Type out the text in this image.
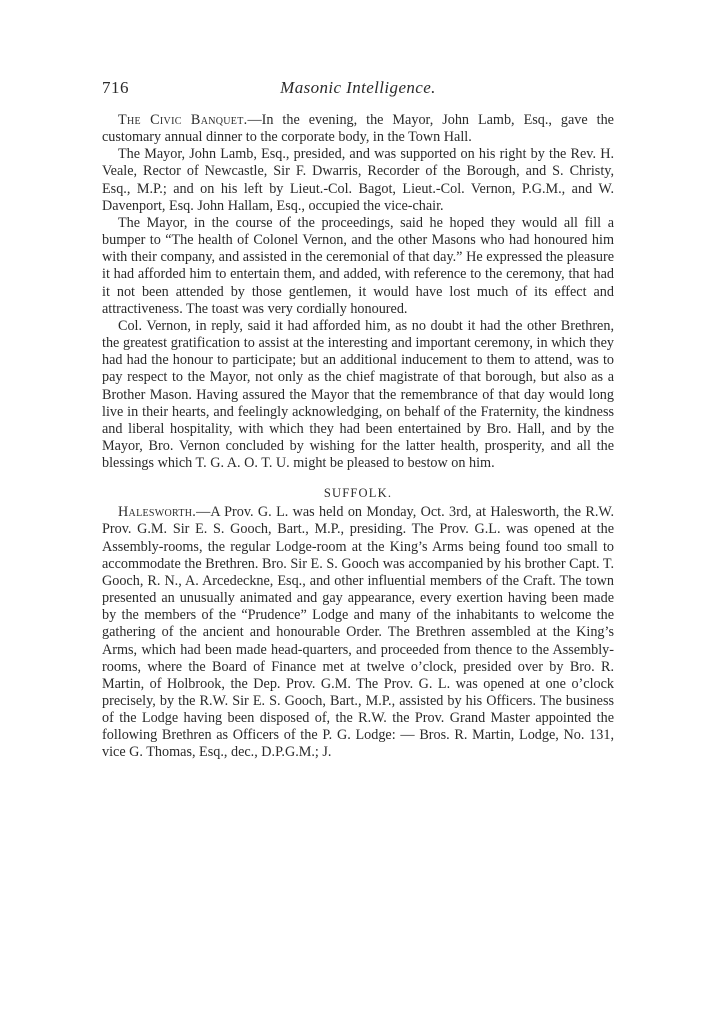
716	Masonic Intelligence.

The Civic Banquet.—In the evening, the Mayor, John Lamb, Esq., gave the customary annual dinner to the corporate body, in the Town Hall.

The Mayor, John Lamb, Esq., presided, and was supported on his right by the Rev. H. Veale, Rector of Newcastle, Sir F. Dwarris, Recorder of the Borough, and S. Christy, Esq., M.P.; and on his left by Lieut.-Col. Bagot, Lieut.-Col. Vernon, P.G.M., and W. Davenport, Esq. John Hallam, Esq., occupied the vice-chair.

The Mayor, in the course of the proceedings, said he hoped they would all fill a bumper to “The health of Colonel Vernon, and the other Masons who had honoured him with their company, and assisted in the ceremonial of that day.” He expressed the pleasure it had afforded him to entertain them, and added, with reference to the ceremony, that had it not been attended by those gentlemen, it would have lost much of its effect and attractiveness. The toast was very cordially honoured.

Col. Vernon, in reply, said it had afforded him, as no doubt it had the other Brethren, the greatest gratification to assist at the interesting and important ceremony, in which they had had the honour to participate; but an additional inducement to them to attend, was to pay respect to the Mayor, not only as the chief magistrate of that borough, but also as a Brother Mason. Having assured the Mayor that the remembrance of that day would long live in their hearts, and feelingly acknowledging, on behalf of the Fraternity, the kindness and liberal hospitality, with which they had been entertained by Bro. Hall, and by the Mayor, Bro. Vernon concluded by wishing for the latter health, prosperity, and all the blessings which T. G. A. O. T. U. might be pleased to bestow on him.

SUFFOLK.

Halesworth.—A Prov. G. L. was held on Monday, Oct. 3rd, at Halesworth, the R.W. Prov. G.M. Sir E. S. Gooch, Bart., M.P., presiding. The Prov. G.L. was opened at the Assembly-rooms, the regular Lodge-room at the King’s Arms being found too small to accommodate the Brethren. Bro. Sir E. S. Gooch was accompanied by his brother Capt. T. Gooch, R. N., A. Arcedeckne, Esq., and other influential members of the Craft. The town presented an unusually animated and gay appearance, every exertion having been made by the members of the “Prudence” Lodge and many of the inhabitants to welcome the gathering of the ancient and honourable Order. The Brethren assembled at the King’s Arms, which had been made head-quarters, and proceeded from thence to the Assembly-rooms, where the Board of Finance met at twelve o’clock, presided over by Bro. R. Martin, of Holbrook, the Dep. Prov. G.M. The Prov. G. L. was opened at one o’clock precisely, by the R.W. Sir E. S. Gooch, Bart., M.P., assisted by his Officers. The business of the Lodge having been disposed of, the R.W. the Prov. Grand Master appointed the following Brethren as Officers of the P. G. Lodge: — Bros. R. Martin, Lodge, No. 131, vice G. Thomas, Esq., dec., D.P.G.M.; J.
